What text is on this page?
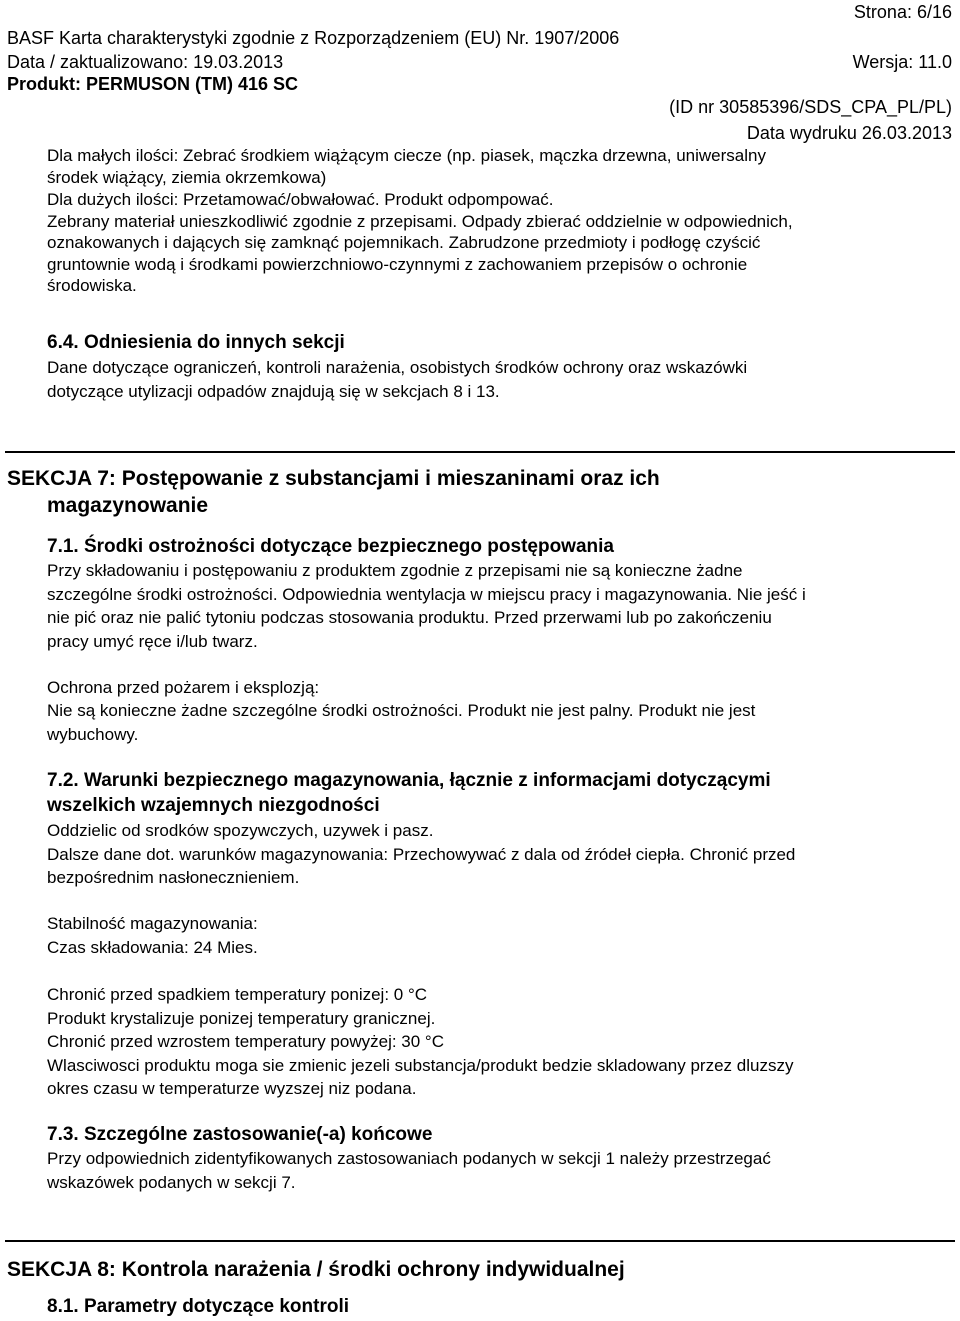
Strona: 6/16
BASF Karta charakterystyki zgodnie z Rozporządzeniem (EU) Nr. 1907/2006
Data / zaktualizowano: 19.03.2013	Wersja: 11.0
Produkt: PERMUSON (TM) 416 SC
(ID nr 30585396/SDS_CPA_PL/PL)
Data wydruku 26.03.2013
Dla małych ilości: Zebrać środkiem wiążącym ciecze (np. piasek, mączka drzewna, uniwersalny
środek wiążący, ziemia okrzemkowa)
Dla dużych ilości: Przetamować/obwałować. Produkt odpompować.
Zebrany materiał unieszkodliwić zgodnie z przepisami. Odpady zbierać oddzielnie w odpowiednich,
oznakowanych i dających się zamknąć pojemnikach. Zabrudzone przedmioty i podłogę czyścić
gruntownie wodą i środkami powierzchniowo-czynnymi z zachowaniem przepisów o ochronie
środowiska.
6.4. Odniesienia do innych sekcji
Dane dotyczące ograniczeń, kontroli narażenia, osobistych środków ochrony oraz wskazówki
dotyczące utylizacji odpadów znajdują się w sekcjach 8 i 13.
SEKCJA 7: Postępowanie z substancjami i mieszaninami oraz ich
magazynowanie
7.1. Środki ostrożności dotyczące bezpiecznego postępowania
Przy składowaniu i postępowaniu z produktem zgodnie z przepisami nie są konieczne żadne
szczególne środki ostrożności. Odpowiednia wentylacja w miejscu pracy i magazynowania. Nie jeść i
nie pić oraz nie palić tytoniu podczas stosowania produktu. Przed przerwami lub po zakończeniu
pracy umyć ręce i/lub twarz.
Ochrona przed pożarem i eksplozją:
Nie są konieczne żadne szczególne środki ostrożności. Produkt nie jest palny. Produkt nie jest
wybuchowy.
7.2. Warunki bezpiecznego magazynowania, łącznie z informacjami dotyczącymi
wszelkich wzajemnych niezgodności
Oddzielic od srodków spozywczych, uzywek i pasz.
Dalsze dane dot. warunków magazynowania: Przechowywać z dala od źródeł ciepła. Chronić przed
bezpośrednim nasłonecznieniem.
Stabilność magazynowania:
Czas składowania: 24 Mies.
Chronić przed spadkiem temperatury ponizej: 0 °C
Produkt krystalizuje ponizej temperatury granicznej.
Chronić przed wzrostem temperatury powyżej: 30 °C
Wlasciwosci produktu moga sie zmienic jezeli substancja/produkt bedzie skladowany przez dluzszy
okres czasu w temperaturze wyzszej niz podana.
7.3. Szczególne zastosowanie(-a) końcowe
Przy odpowiednich zidentyfikowanych zastosowaniach podanych w sekcji 1 należy przestrzegać
wskazówek podanych w sekcji 7.
SEKCJA 8: Kontrola narażenia / środki ochrony indywidualnej
8.1. Parametry dotyczące kontroli
